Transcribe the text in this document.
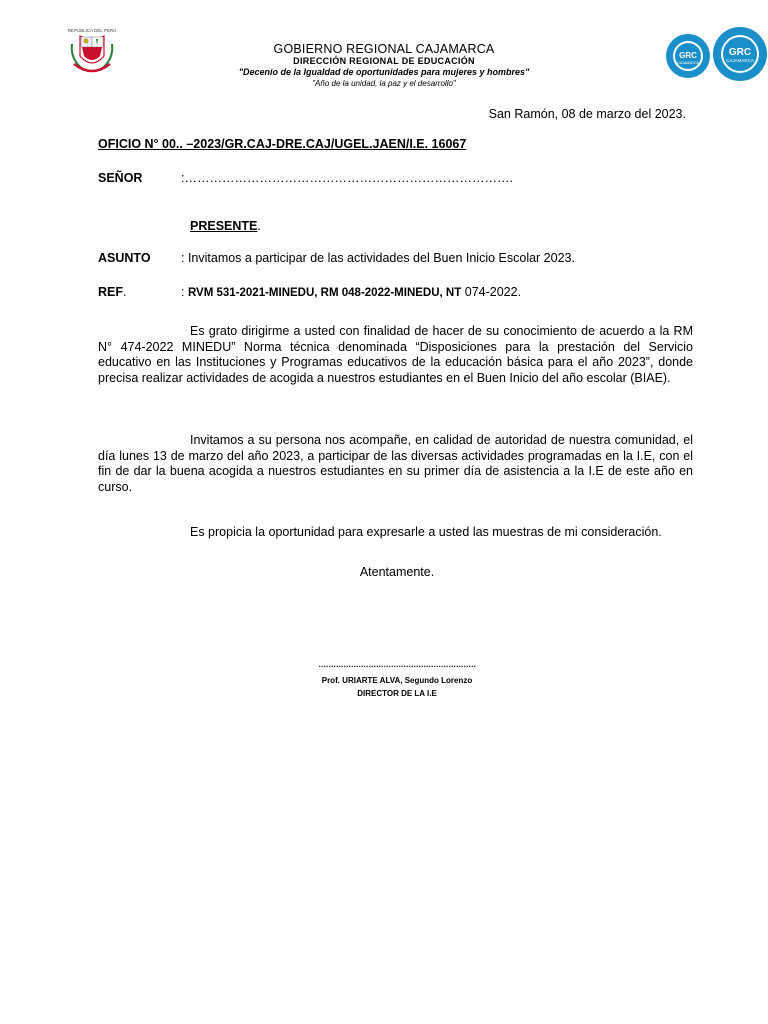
REPÚBLICA DEL PERÚ
GRC
CAJAMARCA
GRC
CAJAMARCA
GOBIERNO REGIONAL CAJAMARCA
DIRECCIÓN REGIONAL DE EDUCACIÓN
"Decenio de la Igualdad de oportunidades para mujeres y hombres"
"Año de la unidad, la paz y el desarrollo"
San Ramón, 08 de marzo del 2023.
OFICIO N° 00.. –2023/GR.CAJ-DRE.CAJ/UGEL.JAEN/I.E. 16067
SEÑOR	:…………………………………………………………………….
PRESENTE.
ASUNTO : Invitamos a participar de las actividades del Buen Inicio Escolar 2023.
REF.	: RVM 531-2021-MINEDU, RM 048-2022-MINEDU, NT 074-2022.
Es grato dirigirme a usted con finalidad de hacer de su conocimiento de acuerdo a la RM N° 474-2022 MINEDU” Norma técnica denominada “Disposiciones para la prestación del Servicio educativo en las Instituciones y Programas educativos de la educación básica para el año 2023”, donde precisa realizar actividades de acogida a nuestros estudiantes en el Buen Inicio del año escolar (BIAE).
Invitamos a su persona nos acompañe, en calidad de autoridad de nuestra comunidad, el día lunes 13 de marzo del año 2023, a participar de las diversas actividades programadas en la I.E, con el fin de dar la buena acogida a nuestros estudiantes en su primer día de asistencia a la I.E de este año en curso.
Es propicia la oportunidad para expresarle a usted las muestras de mi consideración.
Atentamente.
………………………………………………………
Prof. URIARTE ALVA, Segundo Lorenzo
DIRECTOR DE LA I.E
